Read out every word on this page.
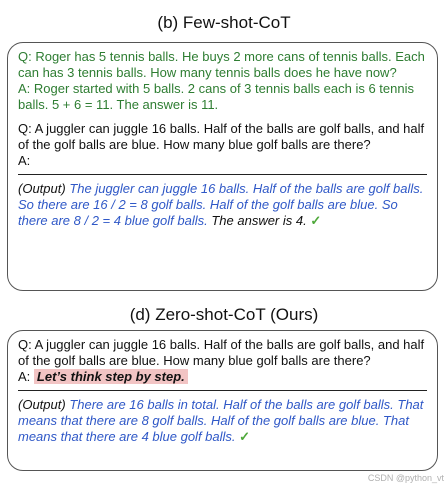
(b) Few-shot-CoT

Q: Roger has 5 tennis balls. He buys 2 more cans of tennis balls. Each can has 3 tennis balls. How many tennis balls does he have now?

A: Roger started with 5 balls. 2 cans of 3 tennis balls each is 6 tennis balls. 5 + 6 = 11. The answer is 11.

Q: A juggler can juggle 16 balls. Half of the balls are golf balls, and half of the golf balls are blue. How many blue golf balls are there?

A:

(Output) The juggler can juggle 16 balls. Half of the balls are golf balls. So there are 16 / 2 = 8 golf balls. Half of the golf balls are blue. So there are 8 / 2 = 4 blue golf balls. The answer is 4. ✓

(d) Zero-shot-CoT (Ours)

Q: A juggler can juggle 16 balls. Half of the balls are golf balls, and half of the golf balls are blue. How many blue golf balls are there?

A: Let’s think step by step.

(Output) There are 16 balls in total. Half of the balls are golf balls. That means that there are 8 golf balls. Half of the golf balls are blue. That means that there are 4 blue golf balls. ✓

CSDN @python_vt
